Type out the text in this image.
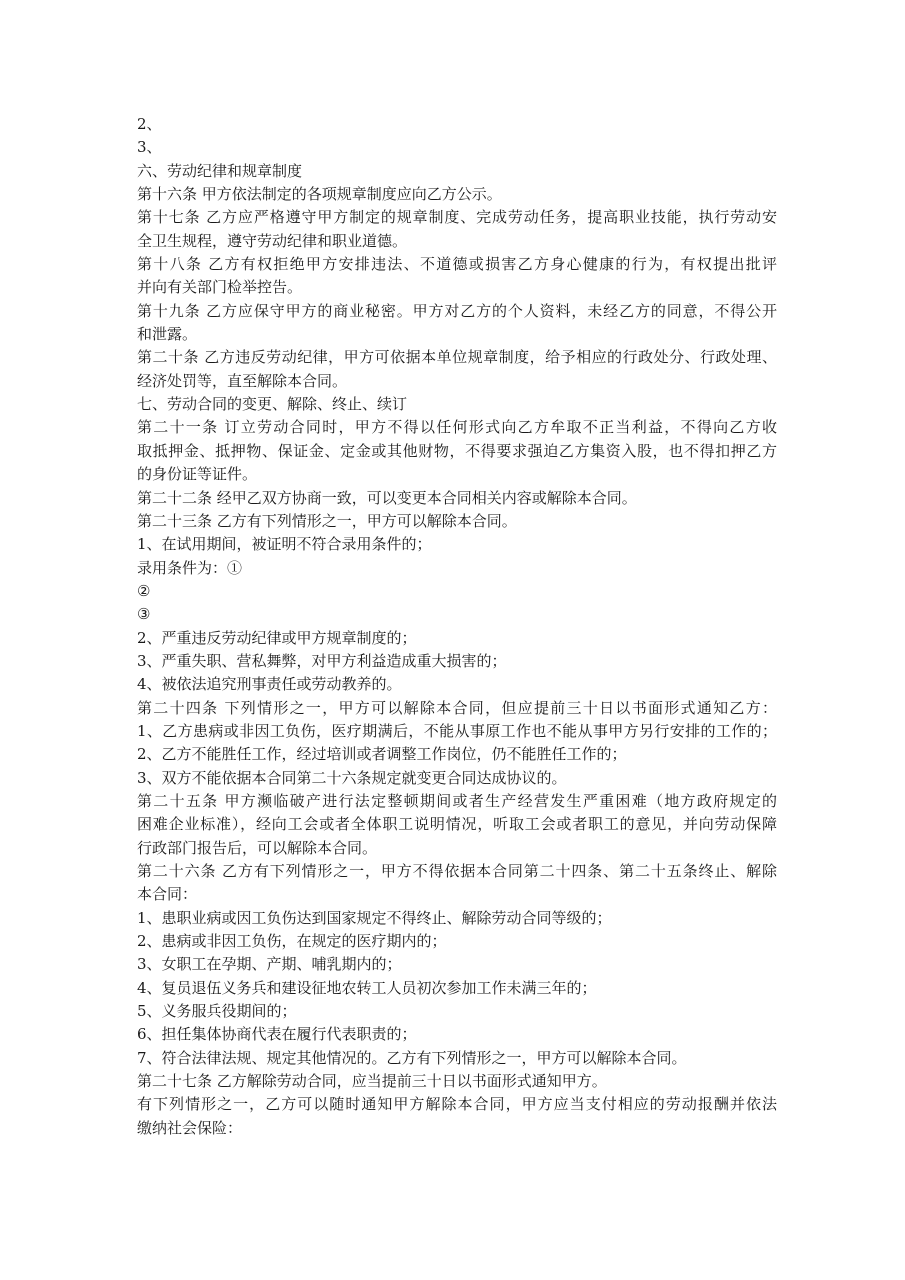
2、
3、
六、劳动纪律和规章制度
第十六条 甲方依法制定的各项规章制度应向乙方公示。
第十七条 乙方应严格遵守甲方制定的规章制度、完成劳动任务，提高职业技能，执行劳动安
全卫生规程，遵守劳动纪律和职业道德。
第十八条 乙方有权拒绝甲方安排违法、不道德或损害乙方身心健康的行为，有权提出批评
并向有关部门检举控告。
第十九条 乙方应保守甲方的商业秘密。甲方对乙方的个人资料，未经乙方的同意，不得公开
和泄露。
第二十条 乙方违反劳动纪律，甲方可依据本单位规章制度，给予相应的行政处分、行政处理、
经济处罚等，直至解除本合同。
七、劳动合同的变更、解除、终止、续订
第二十一条 订立劳动合同时，甲方不得以任何形式向乙方牟取不正当利益，不得向乙方收
取抵押金、抵押物、保证金、定金或其他财物，不得要求强迫乙方集资入股，也不得扣押乙方
的身份证等证件。
第二十二条 经甲乙双方协商一致，可以变更本合同相关内容或解除本合同。
第二十三条 乙方有下列情形之一，甲方可以解除本合同。
1、在试用期间，被证明不符合录用条件的；
录用条件为：①
②
③
2、严重违反劳动纪律或甲方规章制度的；
3、严重失职、营私舞弊，对甲方利益造成重大损害的；
4、被依法追究刑事责任或劳动教养的。
第二十四条 下列情形之一，甲方可以解除本合同，但应提前三十日以书面形式通知乙方：
1、乙方患病或非因工负伤，医疗期满后，不能从事原工作也不能从事甲方另行安排的工作的；
2、乙方不能胜任工作，经过培训或者调整工作岗位，仍不能胜任工作的；
3、双方不能依据本合同第二十六条规定就变更合同达成协议的。
第二十五条 甲方濒临破产进行法定整顿期间或者生产经营发生严重困难（地方政府规定的
困难企业标准），经向工会或者全体职工说明情况，听取工会或者职工的意见，并向劳动保障
行政部门报告后，可以解除本合同。
第二十六条 乙方有下列情形之一，甲方不得依据本合同第二十四条、第二十五条终止、解除
本合同：
1、患职业病或因工负伤达到国家规定不得终止、解除劳动合同等级的；
2、患病或非因工负伤，在规定的医疗期内的；
3、女职工在孕期、产期、哺乳期内的；
4、复员退伍义务兵和建设征地农转工人员初次参加工作未满三年的；
5、义务服兵役期间的；
6、担任集体协商代表在履行代表职责的；
7、符合法律法规、规定其他情况的。乙方有下列情形之一，甲方可以解除本合同。
第二十七条 乙方解除劳动合同，应当提前三十日以书面形式通知甲方。
有下列情形之一，乙方可以随时通知甲方解除本合同，甲方应当支付相应的劳动报酬并依法
缴纳社会保险：
